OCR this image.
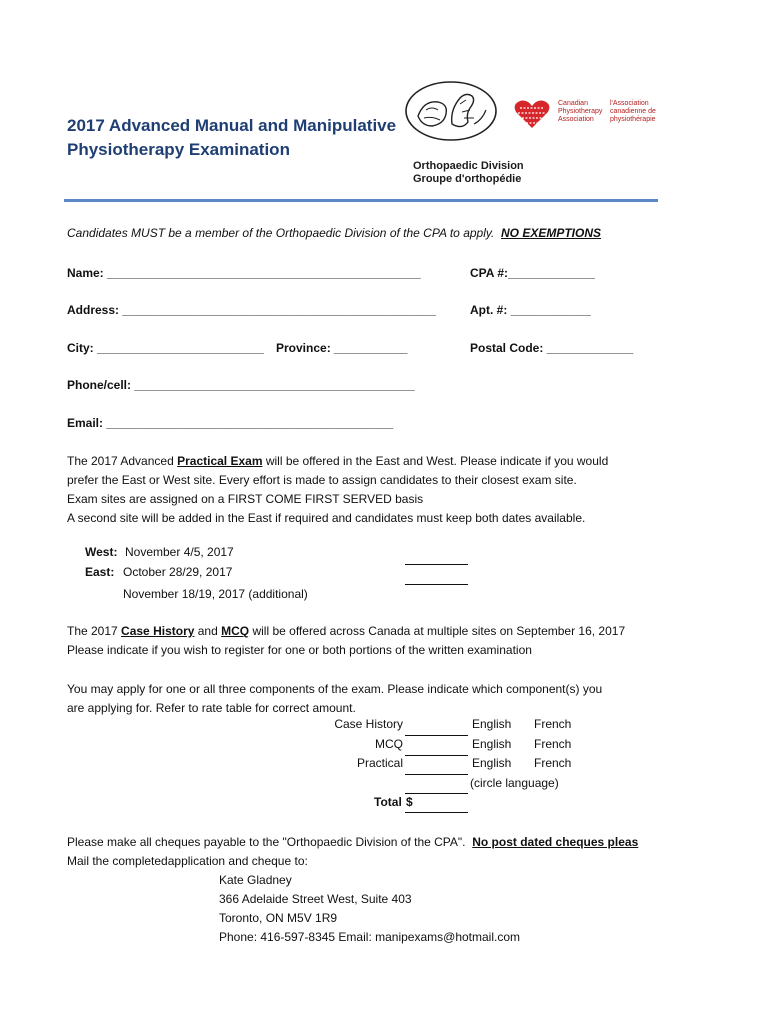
2017 Advanced Manual and Manipulative
Physiotherapy Examination
Canadian
Physiotherapy
Association
l'Association
canadienne de
physiothérapie
Orthopaedic Division
Groupe d'orthopédie
Candidates MUST be a member of the Orthopaedic Division of the CPA to apply. NO EXEMPTIONS
Name: _______________________________________________	CPA #:_____________
Address: _______________________________________________	Apt. #: ____________
City: _________________________ Province: ___________	Postal Code: _____________
Phone/cell: __________________________________________
Email: ___________________________________________
The 2017 Advanced Practical Exam will be offered in the East and West. Please indicate if you would
prefer the East or West site. Every effort is made to assign candidates to their closest exam site.
Exam sites are assigned on a FIRST COME FIRST SERVED basis
A second site will be added in the East if required and candidates must keep both dates available.
West: November 4/5, 2017
East: October 28/29, 2017
November 18/19, 2017 (additional)
The 2017 Case History and MCQ will be offered across Canada at multiple sites on September 16, 2017
Please indicate if you wish to register for one or both portions of the written examination
You may apply for one or all three components of the exam. Please indicate which component(s) you
are applying for. Refer to rate table for correct amount.
Case History	English French
MCQ	English French
Practical	English French
(circle language)
Total $
Please make all cheques payable to the "Orthopaedic Division of the CPA". No post dated cheques pleas
Mail the completedapplication and cheque to:
Kate Gladney
366 Adelaide Street West, Suite 403
Toronto, ON M5V 1R9
Phone: 416-597-8345 Email: manipexams@hotmail.com
